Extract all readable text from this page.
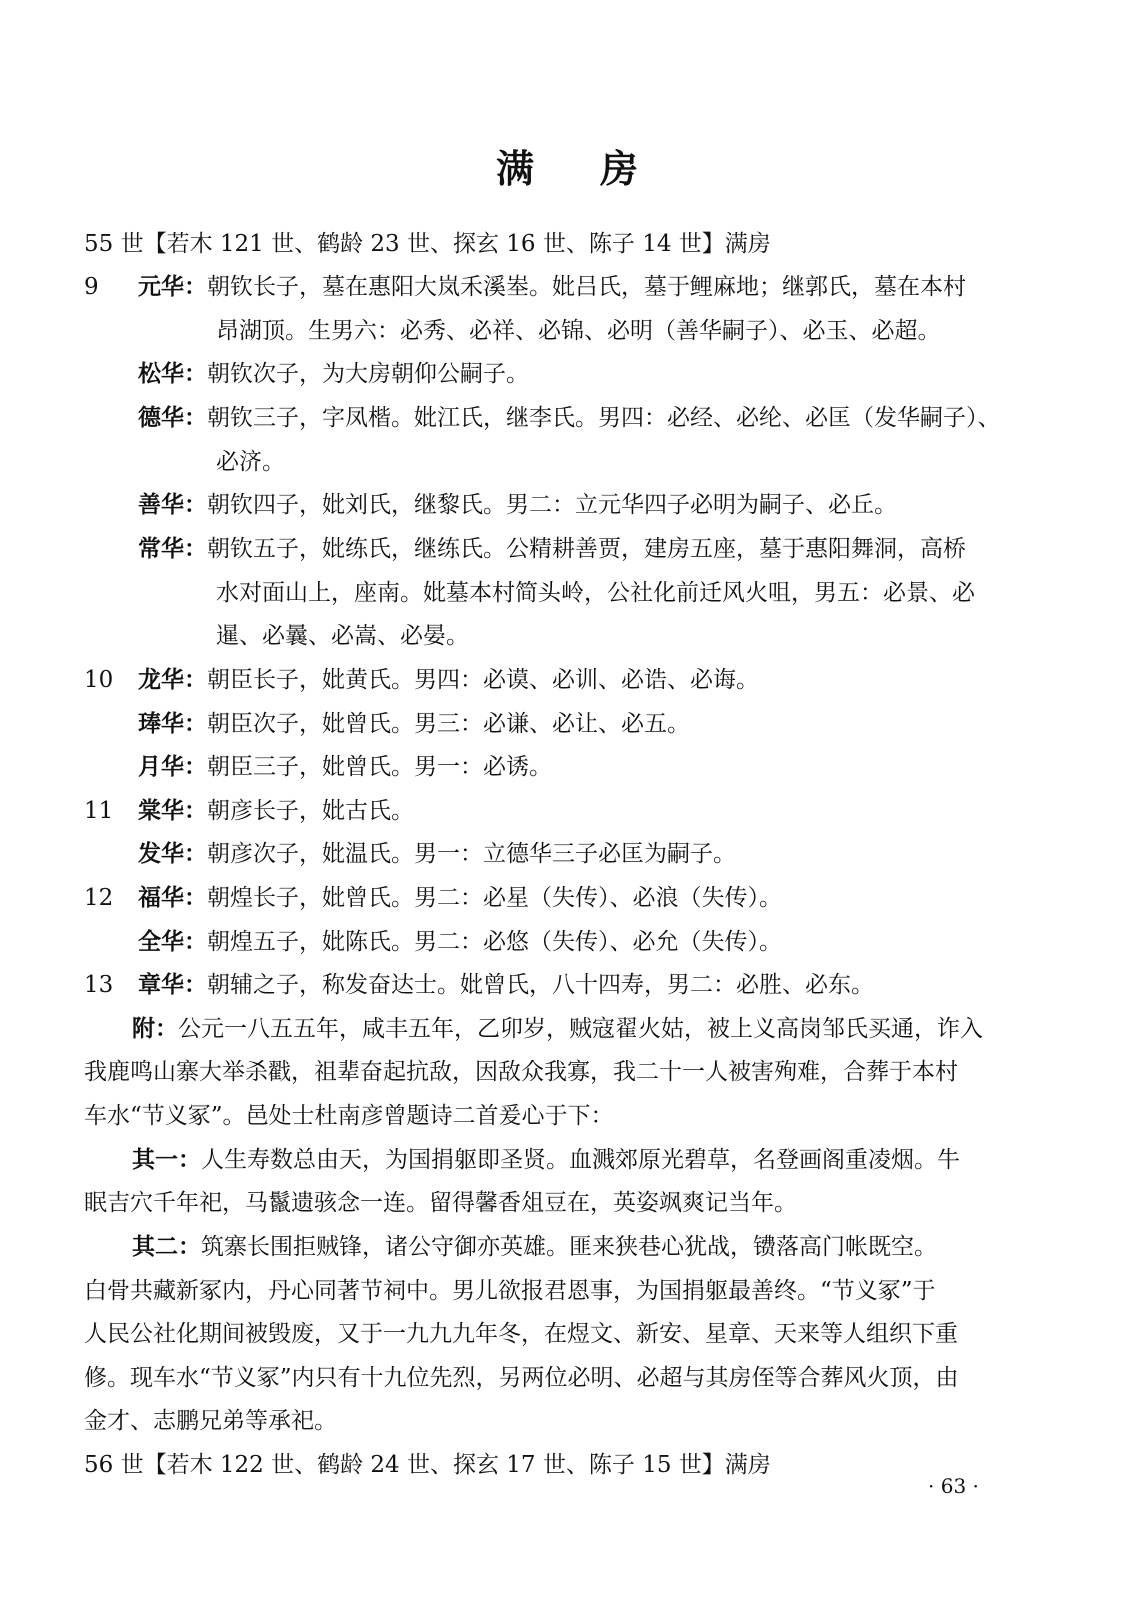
满 房
55 世【若木 121 世、鹤龄 23 世、探玄 16 世、陈子 14 世】满房
9 元华：朝钦长子，墓在惠阳大岚禾溪峚。妣吕氏，墓于鲤麻地；继郭氏，墓在本村
昂湖顶。生男六：必秀、必祥、必锦、必明（善华嗣子）、必玉、必超。
松华：朝钦次子，为大房朝仰公嗣子。
德华：朝钦三子，字凤楷。妣江氏，继李氏。男四：必经、必纶、必匡（发华嗣子）、
必济。
善华：朝钦四子，妣刘氏，继黎氏。男二：立元华四子必明为嗣子、必丘。
常华：朝钦五子，妣练氏，继练氏。公精耕善贾，建房五座，墓于惠阳舞洞，高桥
水对面山上，座南。妣墓本村简头岭，公社化前迁风火咀，男五：必景、必
暹、必曩、必嵩、必晏。
10 龙华：朝臣长子，妣黄氏。男四：必谟、必训、必诰、必诲。
琫华：朝臣次子，妣曾氏。男三：必谦、必让、必五。
月华：朝臣三子，妣曾氏。男一：必诱。
11 棠华：朝彦长子，妣古氏。
发华：朝彦次子，妣温氏。男一：立德华三子必匡为嗣子。
12 福华：朝煌长子，妣曾氏。男二：必星（失传）、必浪（失传）。
全华：朝煌五子，妣陈氏。男二：必悠（失传）、必允（失传）。
13 章华：朝辅之子，称发奋达士。妣曾氏，八十四寿，男二：必胜、必东。
附：公元一八五五年，咸丰五年，乙卯岁，贼寇翟火姑，被上义高岗邹氏买通，诈入
我鹿鸣山寨大举杀戳，祖辈奋起抗敌，因敌众我寡，我二十一人被害殉难，合葬于本村
车水“节义冢”。邑处士杜南彦曾题诗二首爰心于下：
其一：人生寿数总由天，为国捐躯即圣贤。血溅郊原光碧草，名登画阁重凌烟。牛
眠吉穴千年祀，马鬣遗骇念一连。留得馨香俎豆在，英姿飒爽记当年。
其二：筑寨长围拒贼锋，诸公守御亦英雄。匪来狭巷心犹战，镄落高门帐既空。
白骨共藏新冢内，丹心同著节祠中。男儿欲报君恩事，为国捐躯最善终。“节义冢”于
人民公社化期间被毁废，又于一九九九年冬，在煜文、新安、星章、天来等人组织下重
修。现车水“节义冢”内只有十九位先烈，另两位必明、必超与其房侄等合葬风火顶，由
金才、志鹏兄弟等承祀。
56 世【若木 122 世、鹤龄 24 世、探玄 17 世、陈子 15 世】满房
· 63 ·
